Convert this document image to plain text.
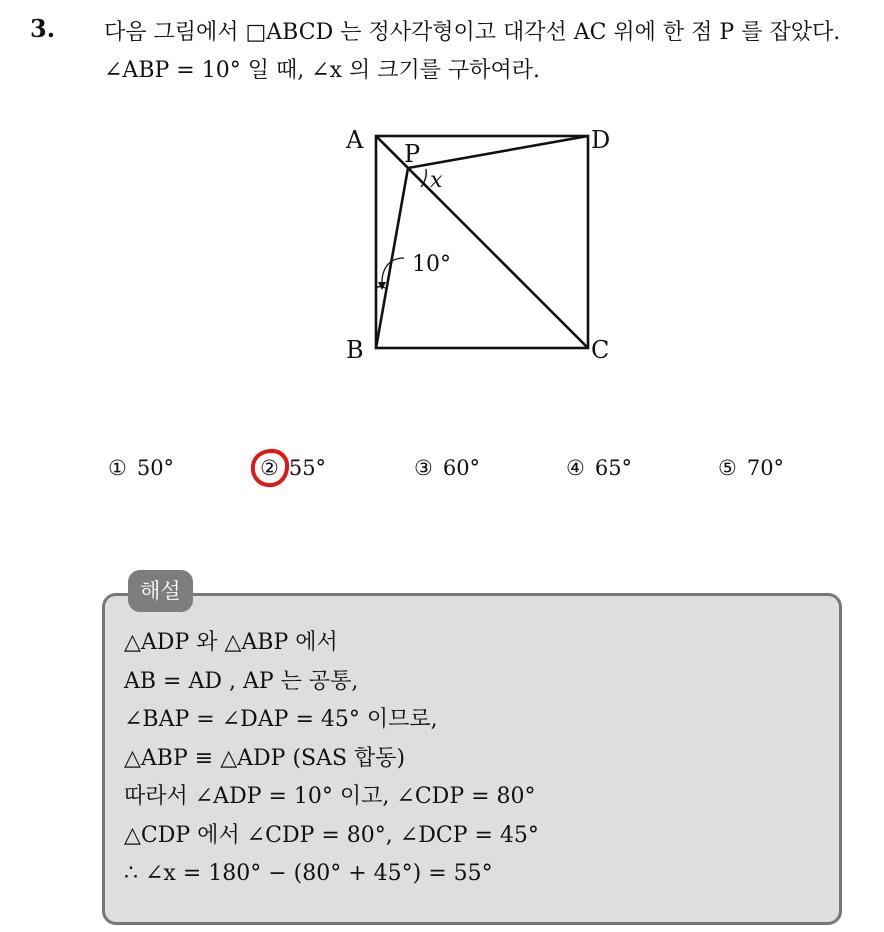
3. 다음 그림에서 □ABCD 는 정사각형이고 대각선 AC 위에 한 점 P 를 잡았다. ∠ABP = 10° 일 때, ∠x 의 크기를 구하여라.

A
B	C
D
P
x
10°
① 50°	② 55°	③ 60°	④ 65°	⑤ 70°
해설
△ADP 와 △ABP 에서
AB = AD , AP 는 공통,
∠BAP = ∠DAP = 45° 이므로,
△ABP ≡ △ADP (SAS 합동)
따라서 ∠ADP = 10° 이고, ∠CDP = 80°
△CDP 에서 ∠CDP = 80°, ∠DCP = 45°
∴ ∠x = 180° − (80° + 45°) = 55°
